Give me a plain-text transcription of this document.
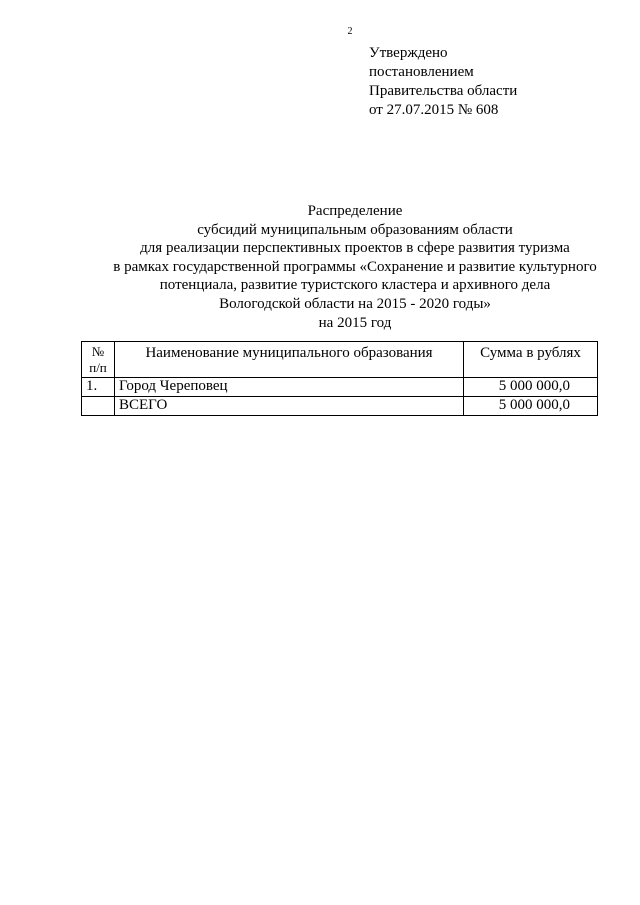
2
Утверждено
постановлением
Правительства области
от 27.07.2015 № 608
Распределение
субсидий муниципальным образованиям области
для реализации перспективных проектов в сфере развития туризма
в рамках государственной программы «Сохранение и развитие культурного
потенциала, развитие туристского кластера и архивного дела
Вологодской области на 2015 - 2020 годы»
на 2015 год
№
п/п	Наименование муниципального образования	Сумма в рублях
1.	Город Череповец	5 000 000,0
	ВСЕГО	5 000 000,0
